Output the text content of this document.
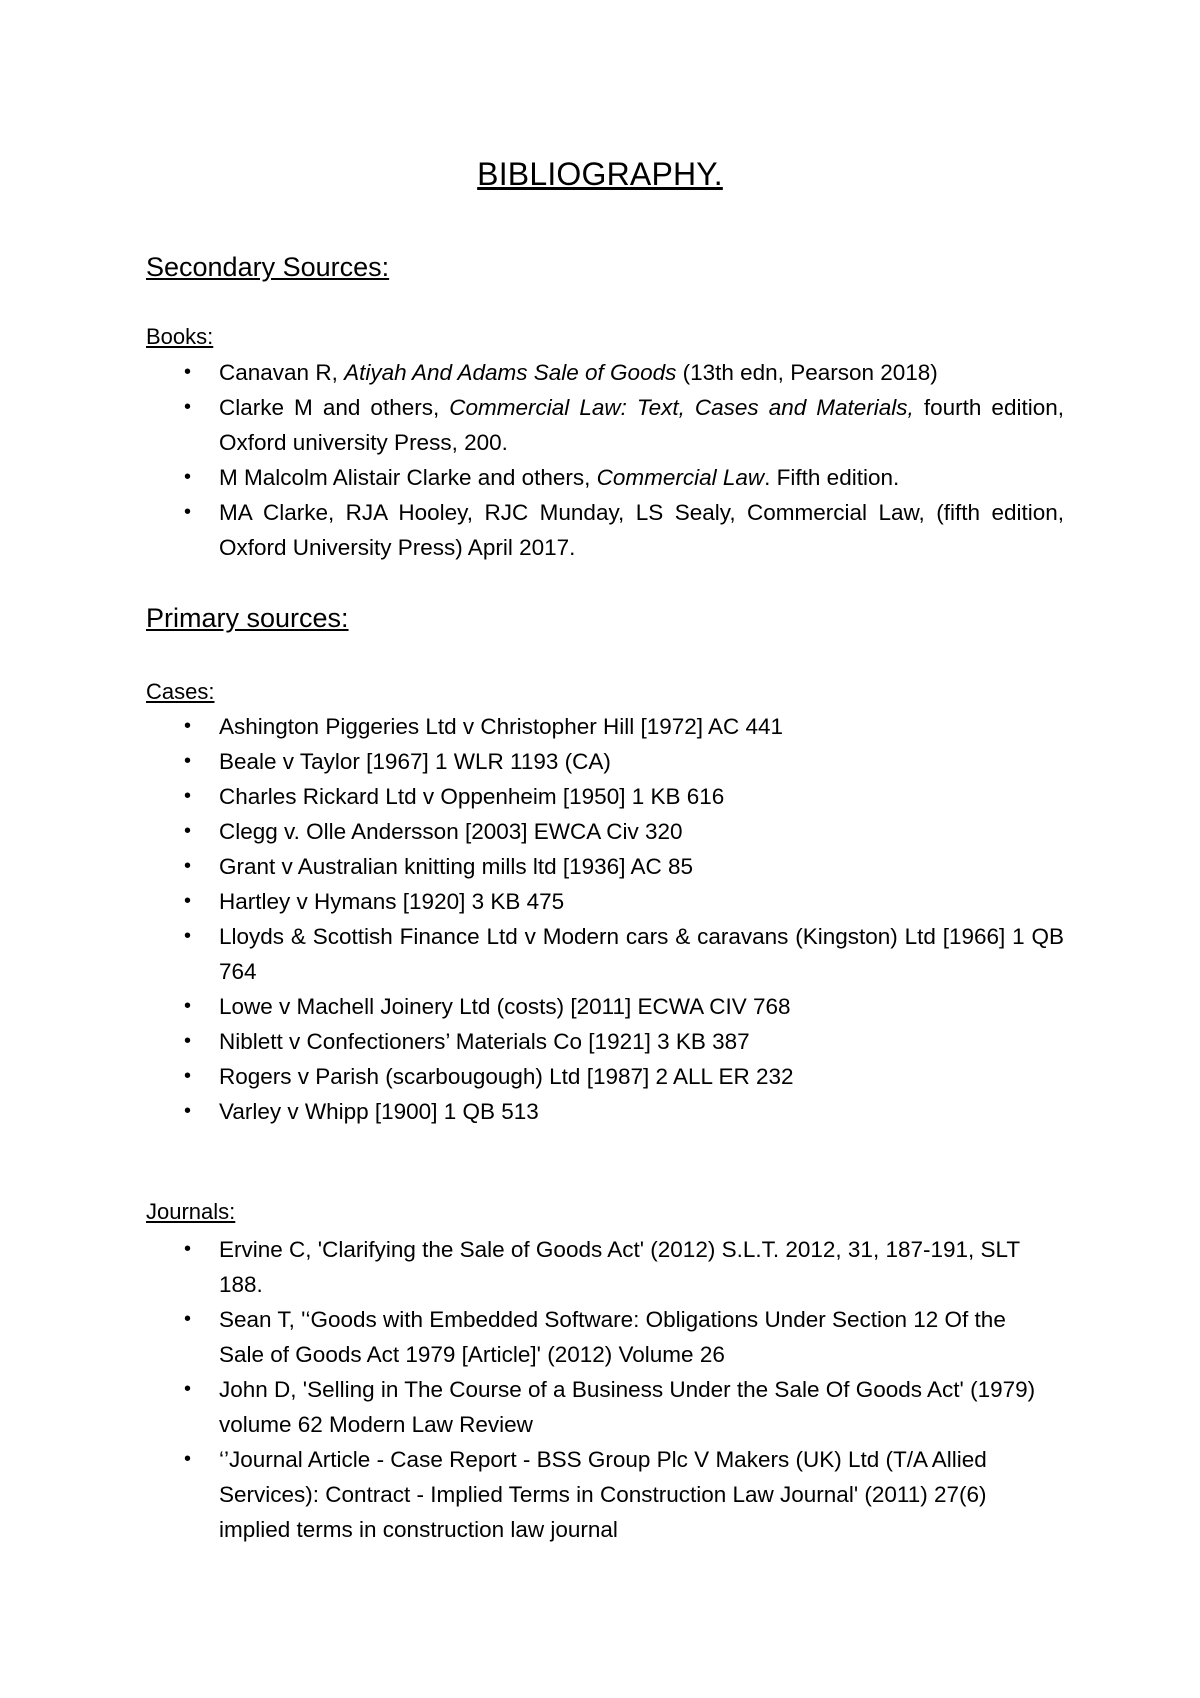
BIBLIOGRAPHY.
Secondary Sources:
Books:
• Canavan R, Atiyah And Adams Sale of Goods (13th edn, Pearson 2018)
• Clarke M and others, Commercial Law: Text, Cases and Materials, fourth edition, Oxford university Press, 200.
• M Malcolm Alistair Clarke and others, Commercial Law. Fifth edition.
• MA Clarke, RJA Hooley, RJC Munday, LS Sealy, Commercial Law, (fifth edition, Oxford University Press) April 2017.
Primary sources:
Cases:
• Ashington Piggeries Ltd v Christopher Hill [1972] AC 441
• Beale v Taylor [1967] 1 WLR 1193 (CA)
• Charles Rickard Ltd v Oppenheim [1950] 1 KB 616
• Clegg v. Olle Andersson [2003] EWCA Civ 320
• Grant v Australian knitting mills ltd [1936] AC 85
• Hartley v Hymans [1920] 3 KB 475
• Lloyds & Scottish Finance Ltd v Modern cars & caravans (Kingston) Ltd [1966] 1 QB 764
• Lowe v Machell Joinery Ltd (costs) [2011] ECWA CIV 768
• Niblett v Confectioners’ Materials Co [1921] 3 KB 387
• Rogers v Parish (scarbougough) Ltd [1987] 2 ALL ER 232
• Varley v Whipp [1900] 1 QB 513
Journals:
• Ervine C, 'Clarifying the Sale of Goods Act' (2012) S.L.T. 2012, 31, 187-191, SLT 188.
• Sean T, '‘Goods with Embedded Software: Obligations Under Section 12 Of the Sale of Goods Act 1979 [Article]' (2012) Volume 26
• John D, 'Selling in The Course of a Business Under the Sale Of Goods Act' (1979) volume 62 Modern Law Review
• ‘’Journal Article - Case Report - BSS Group Plc V Makers (UK) Ltd (T/A Allied Services): Contract - Implied Terms in Construction Law Journal' (2011) 27(6) implied terms in construction law journal
